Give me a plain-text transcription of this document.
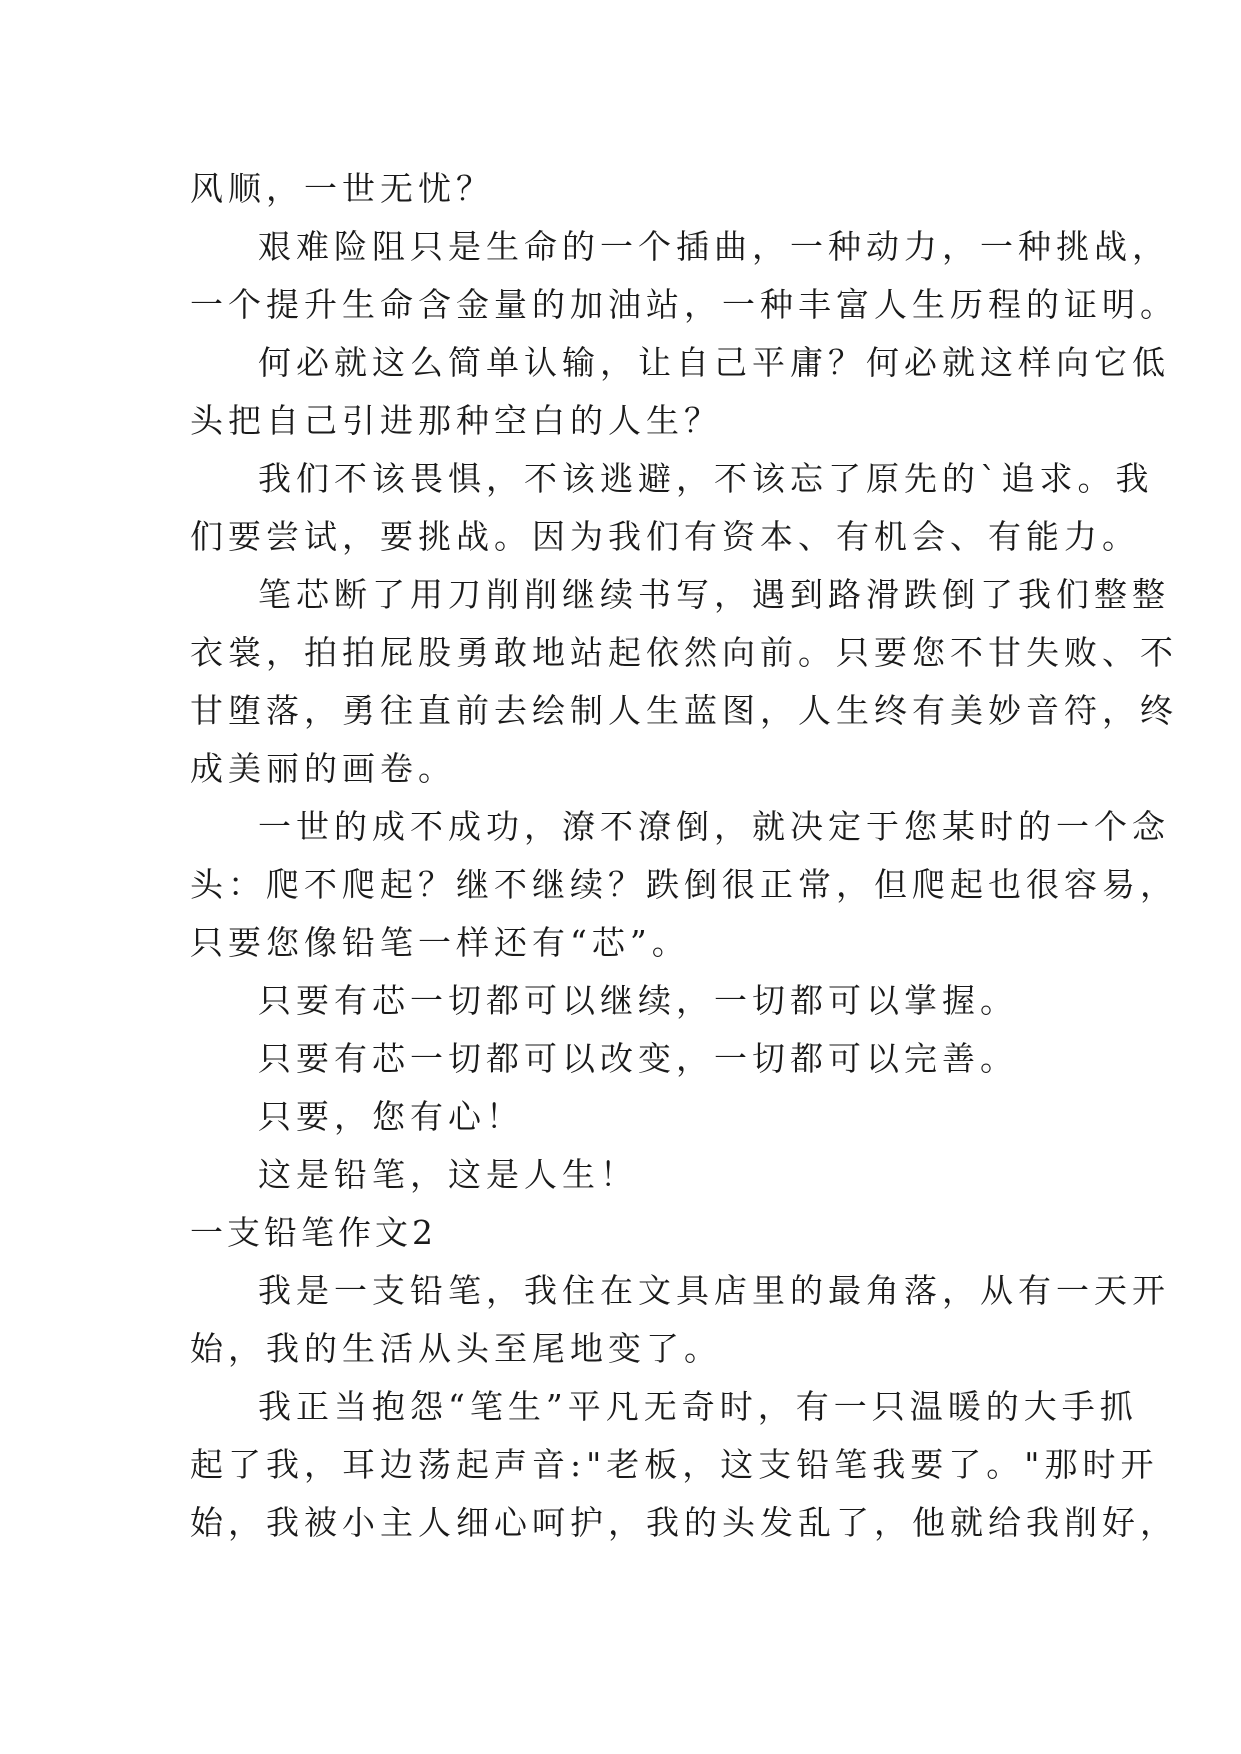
风顺，一世无忧？
艰难险阻只是生命的一个插曲，一种动力，一种挑战，
一个提升生命含金量的加油站，一种丰富人生历程的证明。
何必就这么简单认输，让自己平庸？何必就这样向它低
头把自己引进那种空白的人生？
我们不该畏惧，不该逃避，不该忘了原先的`追求。我
们要尝试，要挑战。因为我们有资本、有机会、有能力。
笔芯断了用刀削削继续书写，遇到路滑跌倒了我们整整
衣裳，拍拍屁股勇敢地站起依然向前。只要您不甘失败、不
甘堕落，勇往直前去绘制人生蓝图，人生终有美妙音符，终
成美丽的画卷。
一世的成不成功，潦不潦倒，就决定于您某时的一个念
头：爬不爬起？继不继续？跌倒很正常，但爬起也很容易，
只要您像铅笔一样还有“芯”。
只要有芯一切都可以继续，一切都可以掌握。
只要有芯一切都可以改变，一切都可以完善。
只要，您有心！
这是铅笔，这是人生！
一支铅笔作文2
我是一支铅笔，我住在文具店里的最角落，从有一天开
始，我的生活从头至尾地变了。
我正当抱怨“笔生”平凡无奇时，有一只温暖的大手抓
起了我，耳边荡起声音:"老板，这支铅笔我要了。"那时开
始，我被小主人细心呵护，我的头发乱了，他就给我削好，
